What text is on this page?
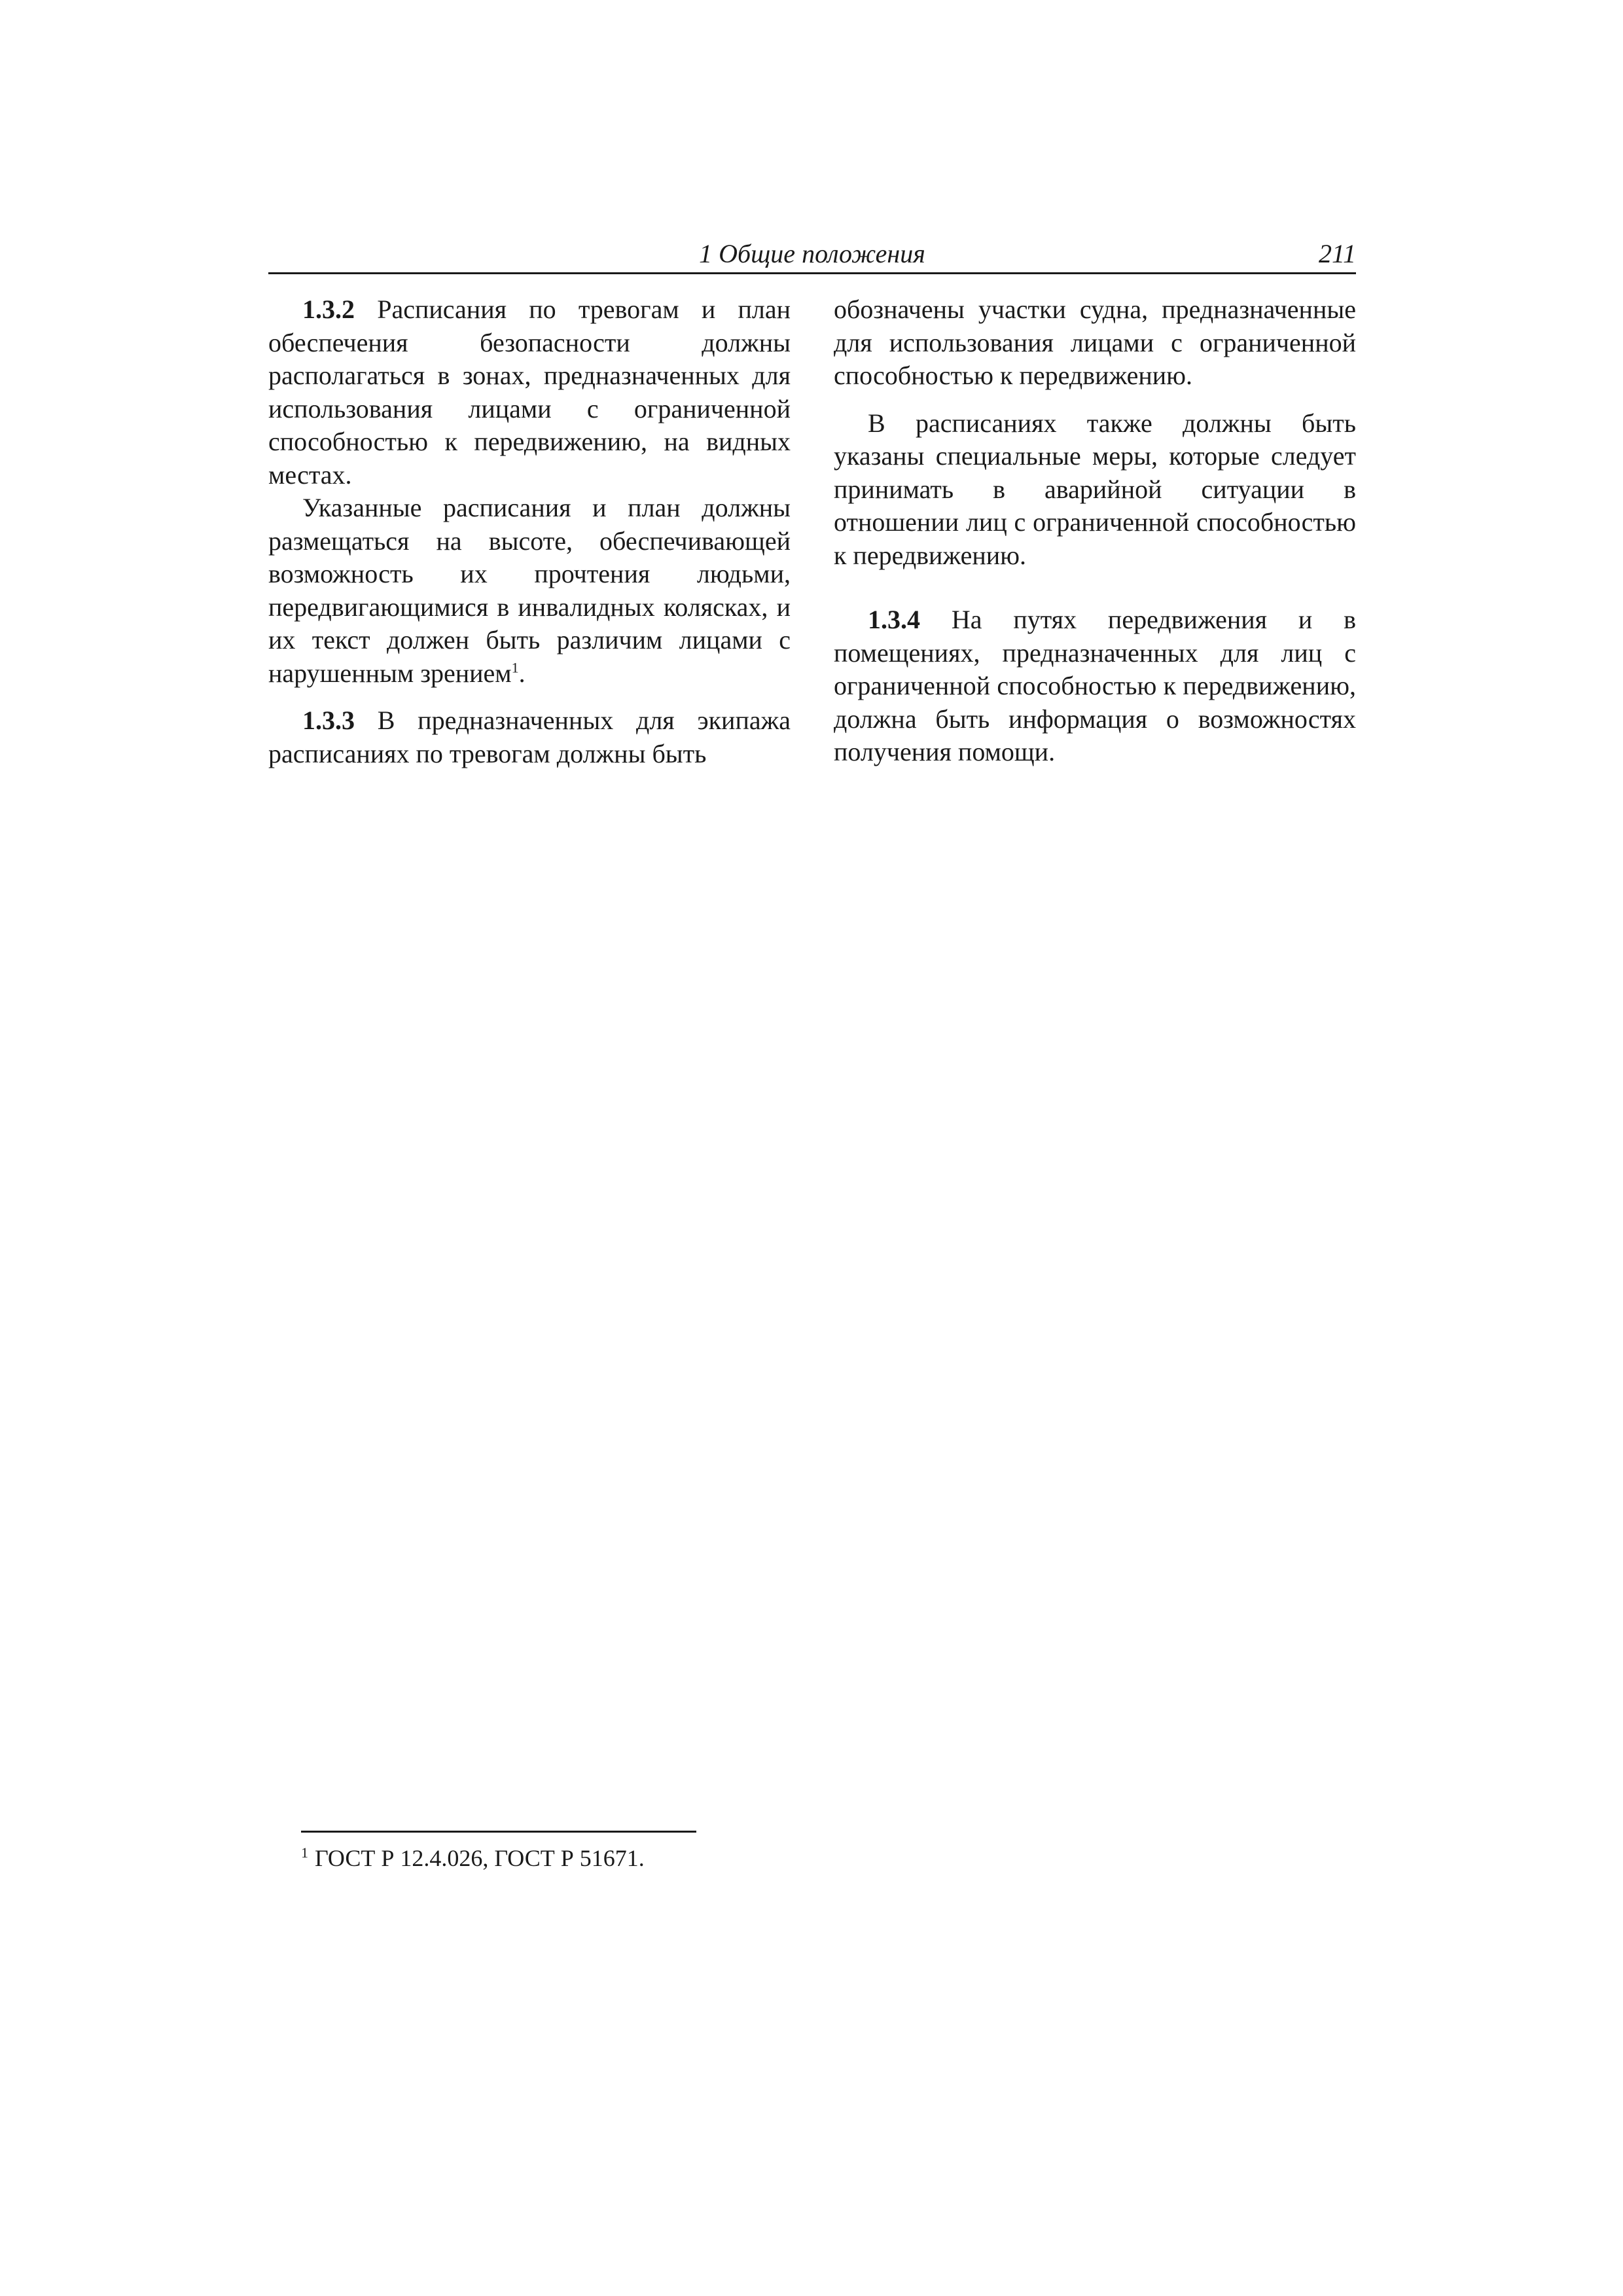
1 Общие положения	211

1.3.2 Расписания по тревогам и план обеспечения безопасности должны располагаться в зонах, предназначенных для использования лицами с ограниченной способностью к передвижению, на видных местах.

Указанные расписания и план должны размещаться на высоте, обеспечивающей возможность их прочтения людьми, передвигающимися в инвалидных колясках, и их текст должен быть различим лицами с нарушенным зрением$^1$.

1.3.3 В предназначенных для экипажа расписаниях по тревогам должны быть

обозначены участки судна, предназначенные для использования лицами с ограниченной способностью к передвижению.

В расписаниях также должны быть указаны специальные меры, которые следует принимать в аварийной ситуации в отношении лиц с ограниченной способностью к передвижению.

1.3.4 На путях передвижения и в помещениях, предназначенных для лиц с ограниченной способностью к передвижению, должна быть информация о возможностях получения помощи.

$^1$ ГОСТ Р 12.4.026, ГОСТ Р 51671.
